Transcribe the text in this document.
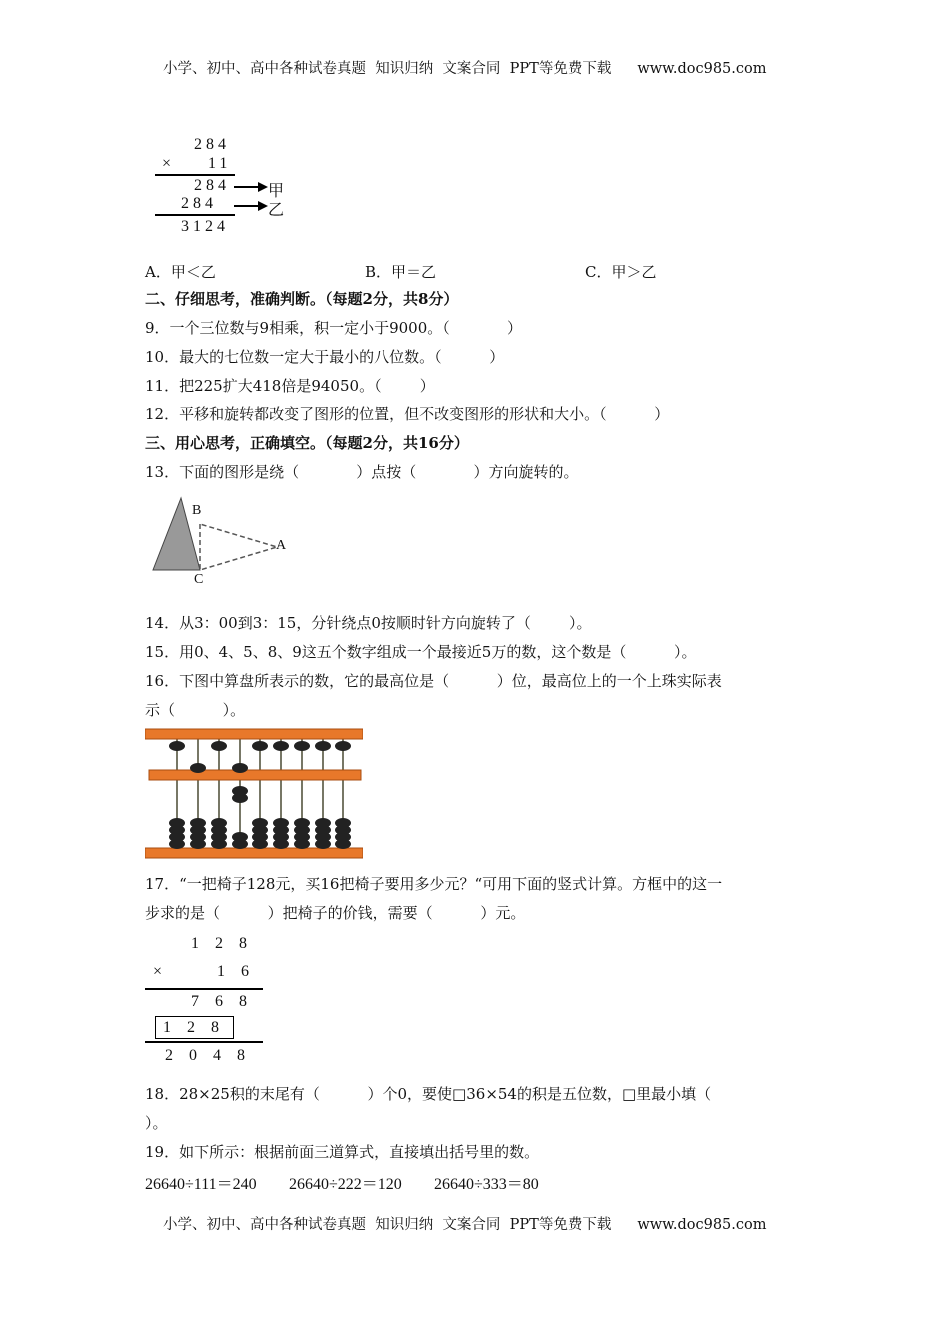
小学、初中、高中各种试卷真题  知识归纳  文案合同  PPT等免费下载 www.doc985.com
284
× 11
284
284
3124
甲
乙
A．甲＜乙	B．甲＝乙	C．甲＞乙
二、仔细思考，准确判断。（每题2分，共8分）
9．一个三位数与9相乘，积一定小于9000。（            ）
10．最大的七位数一定大于最小的八位数。（          ）
11．把225扩大418倍是94050。（        ）
12．平移和旋转都改变了图形的位置，但不改变图形的形状和大小。（          ）
三、用心思考，正确填空。（每题2分，共16分）
13．下面的图形是绕（            ）点按（            ）方向旋转的。
B
A
C
14．从3：00到3：15，分针绕点0按顺时针方向旋转了（        ）。
15．用0、4、5、8、9这五个数字组成一个最接近5万的数，这个数是（          ）。
16．下图中算盘所表示的数，它的最高位是（          ）位，最高位上的一个上珠实际表
示（          ）。
17．“一把椅子128元，买16把椅子要用多少元？“可用下面的竖式计算。方框中的这一
步求的是（          ）把椅子的价钱，需要（          ）元。
1 2 8
×	1 6
7 6 8
1 2 8
2 0 4 8
18．28×25积的末尾有（          ）个0，要使□36×54的积是五位数，□里最小填（
）。
19．如下所示：根据前面三道算式，直接填出括号里的数。
26640÷111＝240 26640÷222＝120 26640÷333＝80
小学、初中、高中各种试卷真题  知识归纳  文案合同  PPT等免费下载 www.doc985.com
